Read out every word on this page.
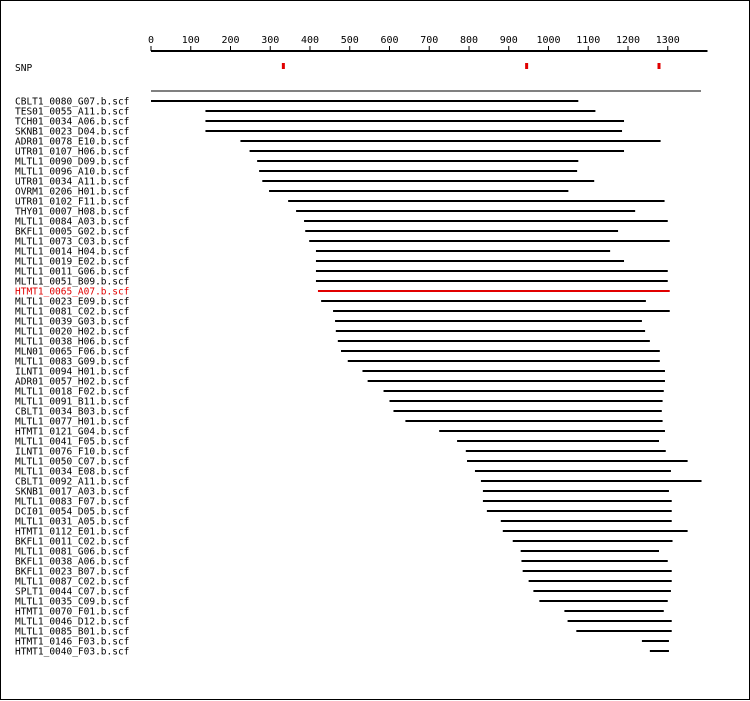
0	100 200 300 400 500 600 700 800 900 1000 1100 1200 1300
SNP
CBLT1_0080_G07.b.scf
TES01_0055_A11.b.scf
TCH01_0034_A06.b.scf
SKNB1_0023_D04.b.scf
ADR01_0078_E10.b.scf
UTR01_0107_H06.b.scf
MLTL1_0090_D09.b.scf
MLTL1_0096_A10.b.scf
UTR01_0034_A11.b.scf
OVRM1_0206_H01.b.scf
UTR01_0102_F11.b.scf
THY01_0007_H08.b.scf
MLTL1_0084_A03.b.scf
BKFL1_0005_G02.b.scf
MLTL1_0073_C03.b.scf
MLTL1_0014_H04.b.scf
MLTL1_0019_E02.b.scf
MLTL1_0011_G06.b.scf
MLTL1_0051_B09.b.scf
HTMT1_0065_A07.b.scf
MLTL1_0023_E09.b.scf
MLTL1_0081_C02.b.scf
MLTL1_0039_G03.b.scf
MLTL1_0020_H02.b.scf
MLTL1_0038_H06.b.scf
MLN01_0065_F06.b.scf
MLTL1_0083_G09.b.scf
ILNT1_0094_H01.b.scf
ADR01_0057_H02.b.scf
MLTL1_0018_F02.b.scf
MLTL1_0091_B11.b.scf
CBLT1_0034_B03.b.scf
MLTL1_0077_H01.b.scf
HTMT1_0121_G04.b.scf
MLTL1_0041_F05.b.scf
ILNT1_0076_F10.b.scf
MLTL1_0050_C07.b.scf
MLTL1_0034_E08.b.scf
CBLT1_0092_A11.b.scf
SKNB1_0017_A03.b.scf
MLTL1_0083_F07.b.scf
DCI01_0054_D05.b.scf
MLTL1_0031_A05.b.scf
HTMT1_0112_E01.b.scf
BKFL1_0011_C02.b.scf
MLTL1_0081_G06.b.scf
BKFL1_0038_A06.b.scf
BKFL1_0023_B07.b.scf
MLTL1_0087_C02.b.scf
SPLT1_0044_C07.b.scf
MLTL1_0035_C09.b.scf
HTMT1_0070_F01.b.scf
MLTL1_0046_D12.b.scf
MLTL1_0085_B01.b.scf
HTMT1_0146_F03.b.scf
HTMT1_0040_F03.b.scf
